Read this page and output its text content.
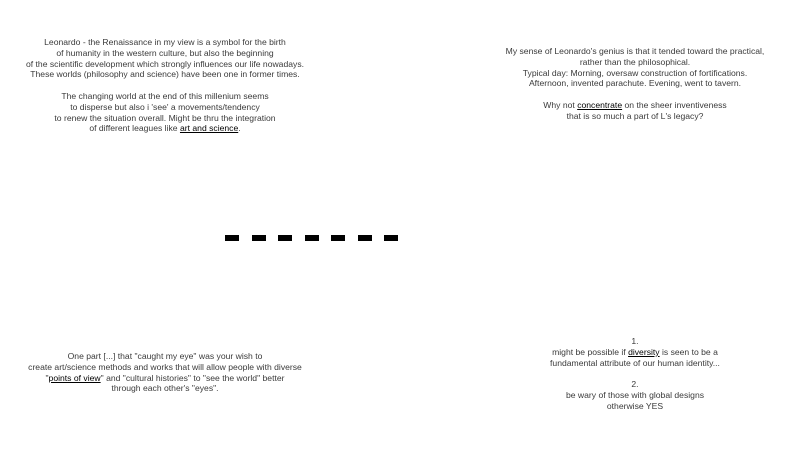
Leonardo - the Renaissance in my view is a symbol for the birth

of humanity in the western culture, but also the beginning

of the scientific development which strongly influences our life nowadays.

These worlds (philosophy and science) have been one in former times.

The changing world at the end of this millenium seems

to disperse but also i 'see' a movements/tendency

to renew the situation overall. Might be thru the integration

of different leagues like art and science.

My sense of Leonardo's genius is that it tended toward the practical,

rather than the philosophical.

Typical day: Morning, oversaw construction of fortifications.

Afternoon, invented parachute. Evening, went to tavern.

Why not concentrate on the sheer inventiveness

that is so much a part of L's legacy?

One part [...] that "caught my eye" was your wish to

create art/science methods and works that will allow people with diverse

"points of view" and "cultural histories" to "see the world" better

through each other's "eyes".

1.

might be possible if diversity is seen to be a

fundamental attribute of our human identity...

2.

be wary of those with global designs

otherwise YES
